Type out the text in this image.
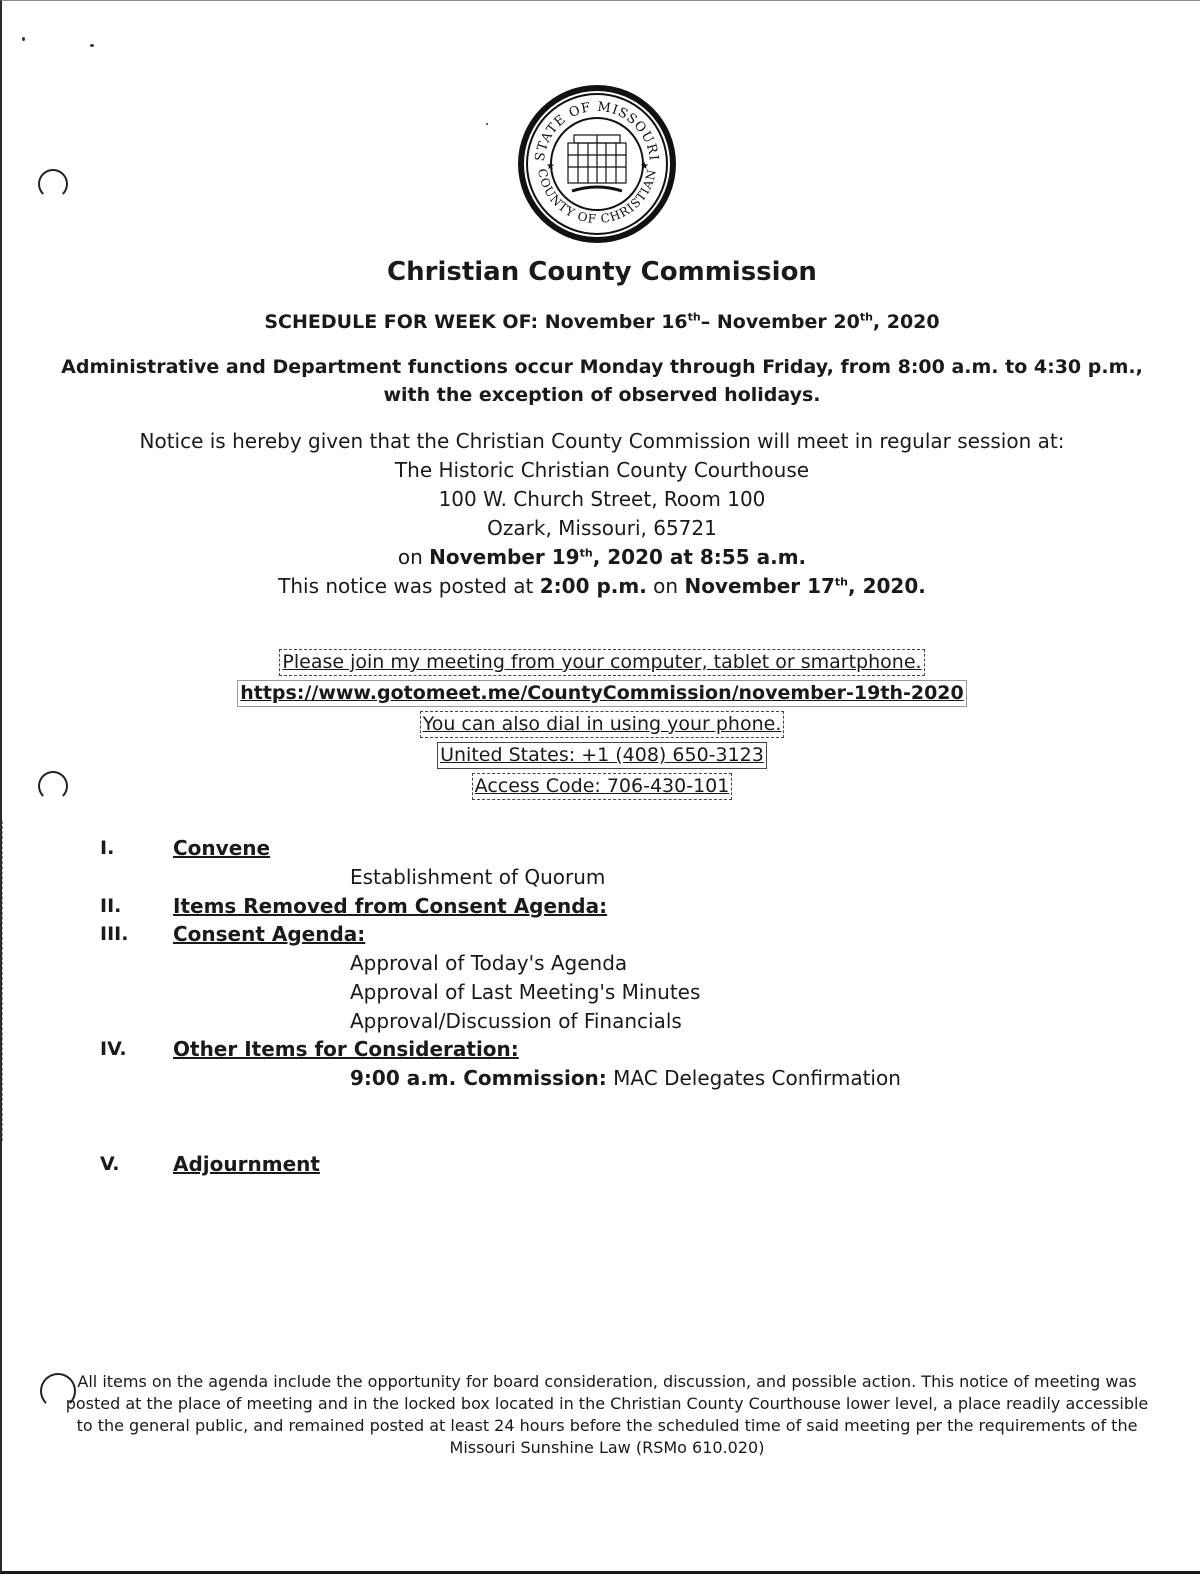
STATE OF MISSOURI
COUNTY OF CHRISTIAN
★	★
Christian County Commission
SCHEDULE FOR WEEK OF: November 16th– November 20th, 2020
Administrative and Department functions occur Monday through Friday, from 8:00 a.m. to 4:30 p.m.,
with the exception of observed holidays.
Notice is hereby given that the Christian County Commission will meet in regular session at:
The Historic Christian County Courthouse
100 W. Church Street, Room 100
Ozark, Missouri, 65721
on November 19th, 2020 at 8:55 a.m.
This notice was posted at 2:00 p.m. on November 17th, 2020.
Please join my meeting from your computer, tablet or smartphone.
https://www.gotomeet.me/CountyCommission/november-19th-2020
You can also dial in using your phone.
United States: +1 (408) 650-3123
Access Code: 706-430-101
I.	Convene
Establishment of Quorum
II.	Items Removed from Consent Agenda:
III. Consent Agenda:
Approval of Today's Agenda
Approval of Last Meeting's Minutes
Approval/Discussion of Financials
IV. Other Items for Consideration:
9:00 a.m. Commission: MAC Delegates Confirmation
V.	Adjournment
All items on the agenda include the opportunity for board consideration, discussion, and possible action. This notice of meeting was posted at the place of meeting and in the locked box located in the Christian County Courthouse lower level, a place readily accessible to the general public, and remained posted at least 24 hours before the scheduled time of said meeting per the requirements of the Missouri Sunshine Law (RSMo 610.020)
